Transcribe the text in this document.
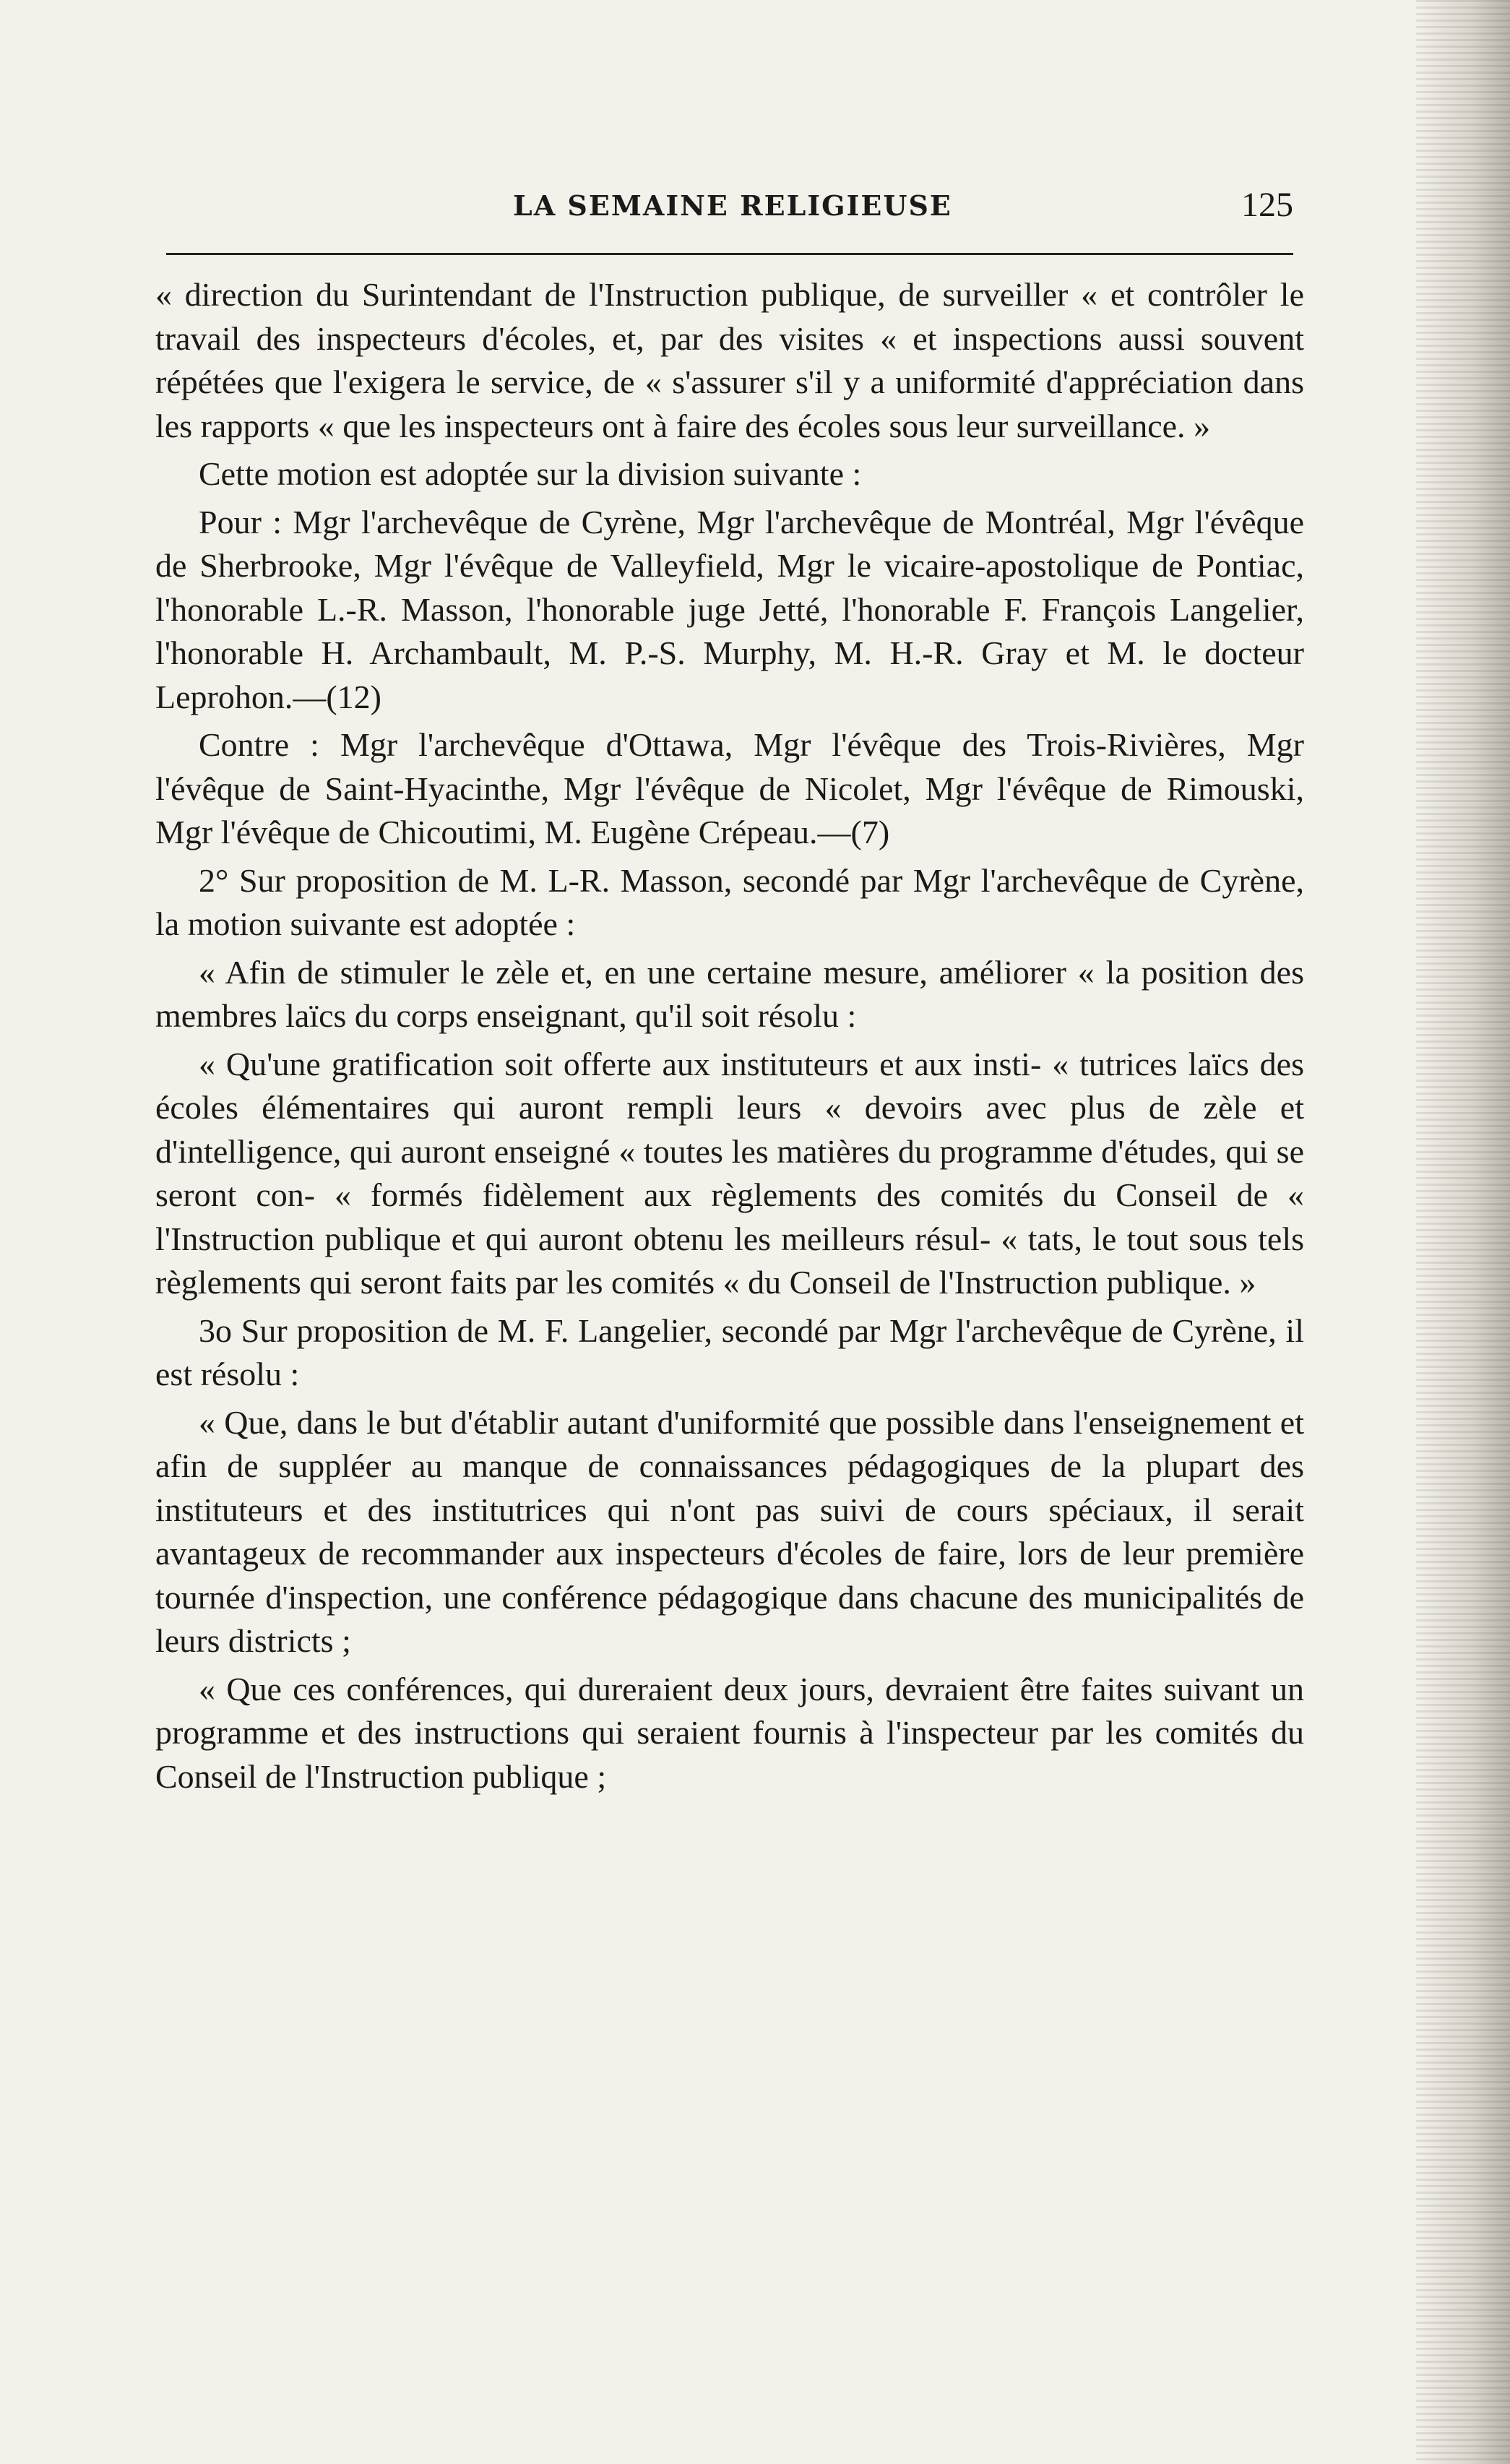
LA SEMAINE RELIGIEUSE	125

« direction du Surintendant de l'Instruction publique, de surveiller « et contrôler le travail des inspecteurs d'écoles, et, par des visites « et inspections aussi souvent répétées que l'exigera le service, de « s'assurer s'il y a uniformité d'appréciation dans les rapports « que les inspecteurs ont à faire des écoles sous leur surveillance. »

Cette motion est adoptée sur la division suivante :

Pour : Mgr l'archevêque de Cyrène, Mgr l'archevêque de Montréal, Mgr l'évêque de Sherbrooke, Mgr l'évêque de Valleyfield, Mgr le vicaire-apostolique de Pontiac, l'honorable L.-R. Masson, l'honorable juge Jetté, l'honorable F. François Langelier, l'honorable H. Archambault, M. P.-S. Murphy, M. H.-R. Gray et M. le docteur Leprohon.—(12)

Contre : Mgr l'archevêque d'Ottawa, Mgr l'évêque des Trois-Rivières, Mgr l'évêque de Saint-Hyacinthe, Mgr l'évêque de Nicolet, Mgr l'évêque de Rimouski, Mgr l'évêque de Chicoutimi, M. Eugène Crépeau.—(7)

2° Sur proposition de M. L-R. Masson, secondé par Mgr l'archevêque de Cyrène, la motion suivante est adoptée :

« Afin de stimuler le zèle et, en une certaine mesure, améliorer « la position des membres laïcs du corps enseignant, qu'il soit résolu :

« Qu'une gratification soit offerte aux instituteurs et aux insti- « tutrices laïcs des écoles élémentaires qui auront rempli leurs « devoirs avec plus de zèle et d'intelligence, qui auront enseigné « toutes les matières du programme d'études, qui se seront con- « formés fidèlement aux règlements des comités du Conseil de « l'Instruction publique et qui auront obtenu les meilleurs résul- « tats, le tout sous tels règlements qui seront faits par les comités « du Conseil de l'Instruction publique. »

3o Sur proposition de M. F. Langelier, secondé par Mgr l'archevêque de Cyrène, il est résolu :

« Que, dans le but d'établir autant d'uniformité que possible dans l'enseignement et afin de suppléer au manque de connaissances pédagogiques de la plupart des instituteurs et des institutrices qui n'ont pas suivi de cours spéciaux, il serait avantageux de recommander aux inspecteurs d'écoles de faire, lors de leur première tournée d'inspection, une conférence pédagogique dans chacune des municipalités de leurs districts ;

« Que ces conférences, qui dureraient deux jours, devraient être faites suivant un programme et des instructions qui seraient fournis à l'inspecteur par les comités du Conseil de l'Instruction publique ;
